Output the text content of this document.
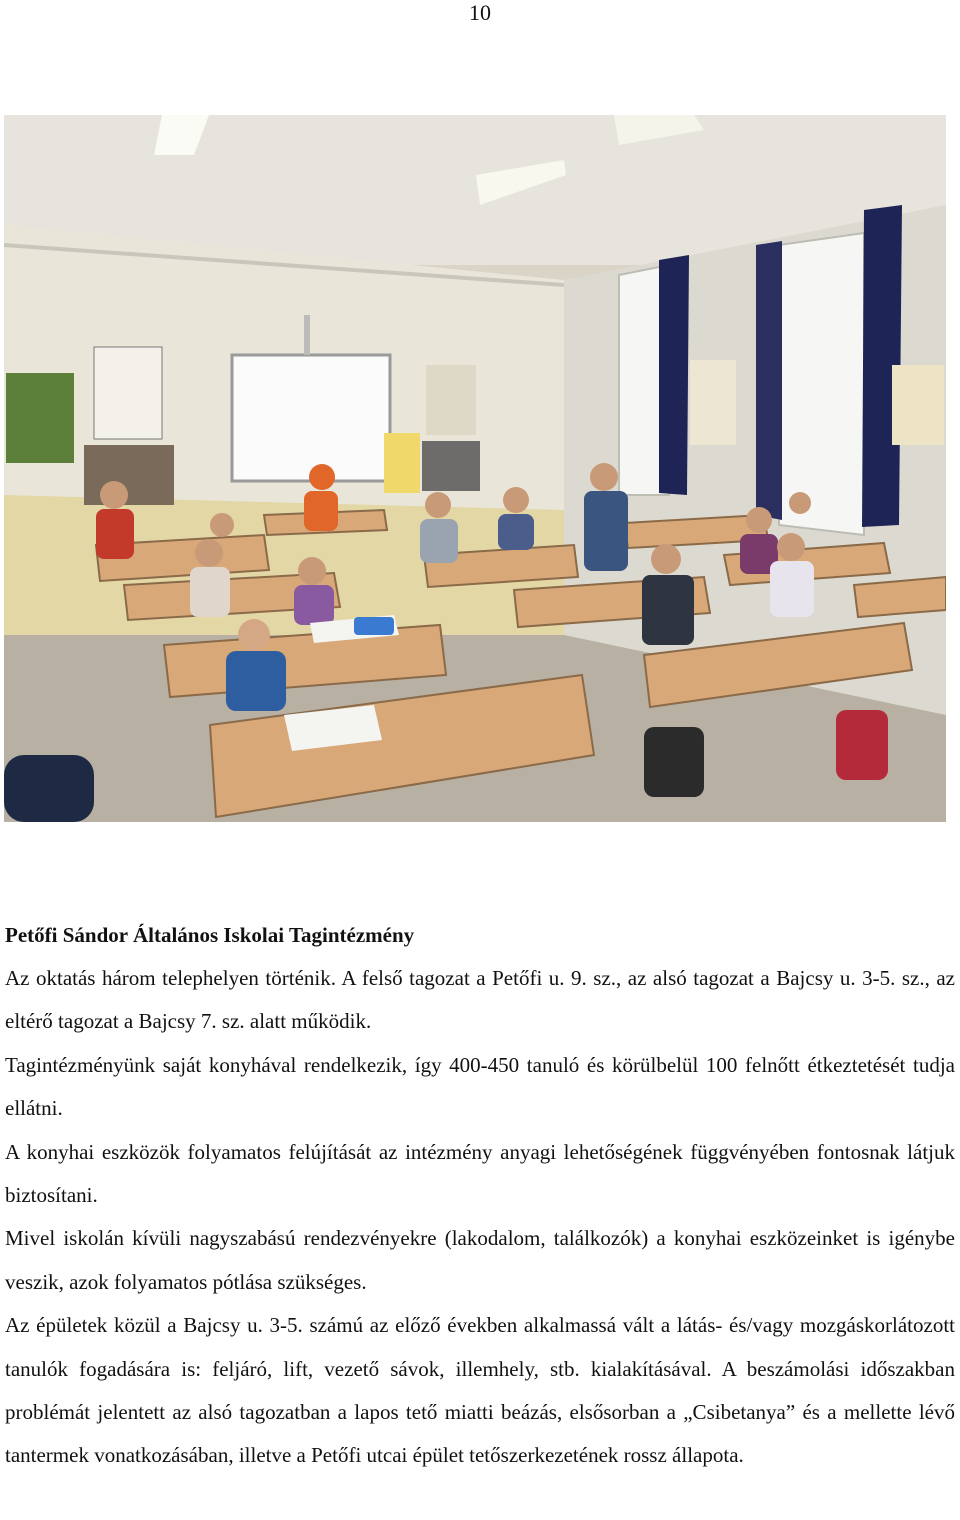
10
Petőfi Sándor Általános Iskolai Tagintézmény

Az oktatás három telephelyen történik. A felső tagozat a Petőfi u. 9. sz., az alsó tagozat a Bajcsy u. 3-5. sz., az eltérő tagozat a Bajcsy 7. sz. alatt működik.

Tagintézményünk saját konyhával rendelkezik, így 400-450 tanuló és körülbelül 100 felnőtt étkeztetését tudja ellátni.

A konyhai eszközök folyamatos felújítását az intézmény anyagi lehetőségének függvényében fontosnak látjuk biztosítani.

Mivel iskolán kívüli nagyszabású rendezvényekre (lakodalom, találkozók) a konyhai eszközeinket is igénybe veszik, azok folyamatos pótlása szükséges.

Az épületek közül a Bajcsy u. 3-5. számú az előző években alkalmassá vált a látás- és/vagy mozgáskorlátozott tanulók fogadására is: feljáró, lift, vezető sávok, illemhely, stb. kialakításával. A beszámolási időszakban problémát jelentett az alsó tagozatban a lapos tető miatti beázás, elsősorban a „Csibetanya” és a mellette lévő tantermek vonatkozásában, illetve a Petőfi utcai épület tetőszerkezetének rossz állapota.
